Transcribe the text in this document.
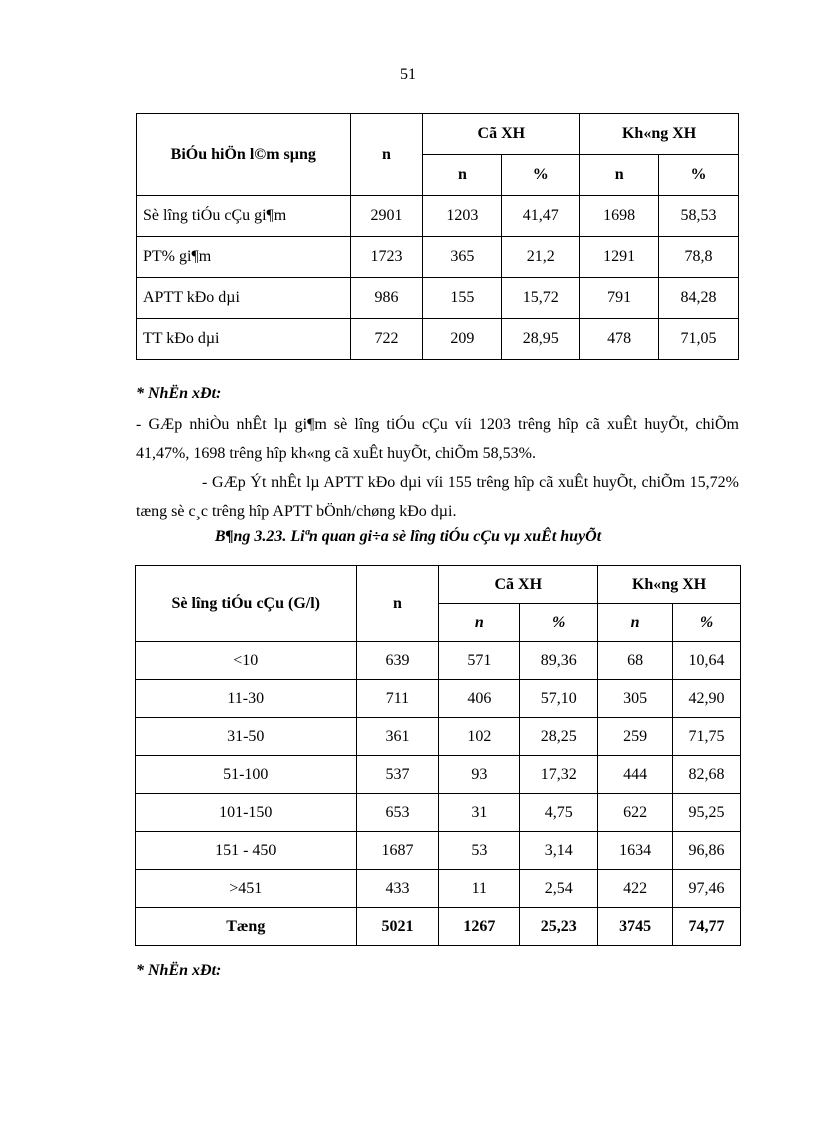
51
BiÓu hiÖn l©m sµng	n	Cã XH		Kh«ng XH	
		n	%	n	%
Sè lîng tiÓu cÇu gi¶m	2901	1203	41,47	1698	58,53
PT% gi¶m	1723	365	21,2	1291	78,8
APTT kÐo dµi	986	155	15,72	791	84,28
TT kÐo dµi	722	209	28,95	478	71,05
* NhËn xÐt:
- GÆp nhiÒu nhÊt lµ gi¶m sè lîng tiÓu cÇu víi 1203 trêng hîp cã xuÊt huyÕt, chiÕm 41,47%, 1698 trêng hîp kh«ng cã xuÊt huyÕt, chiÕm 58,53%.
- GÆp Ýt nhÊt lµ APTT kÐo dµi víi 155 trêng hîp cã xuÊt huyÕt, chiÕm 15,72% tæng sè c¸c trêng hîp APTT bÖnh/chøng kÐo dµi.
B¶ng 3.23. Liªn quan gi÷a sè lîng tiÓu cÇu vµ xuÊt huyÕt
Sè lîng tiÓu cÇu (G/l)	n	Cã XH		Kh«ng XH	
		n	%	n	%
<10	639	571	89,36	68	10,64
11-30	711	406	57,10	305	42,90
31-50	361	102	28,25	259	71,75
51-100	537	93	17,32	444	82,68
101-150	653	31	4,75	622	95,25
151 - 450	1687	53	3,14	1634	96,86
>451	433	11	2,54	422	97,46
Tæng	5021	1267	25,23	3745	74,77
* NhËn xÐt:
